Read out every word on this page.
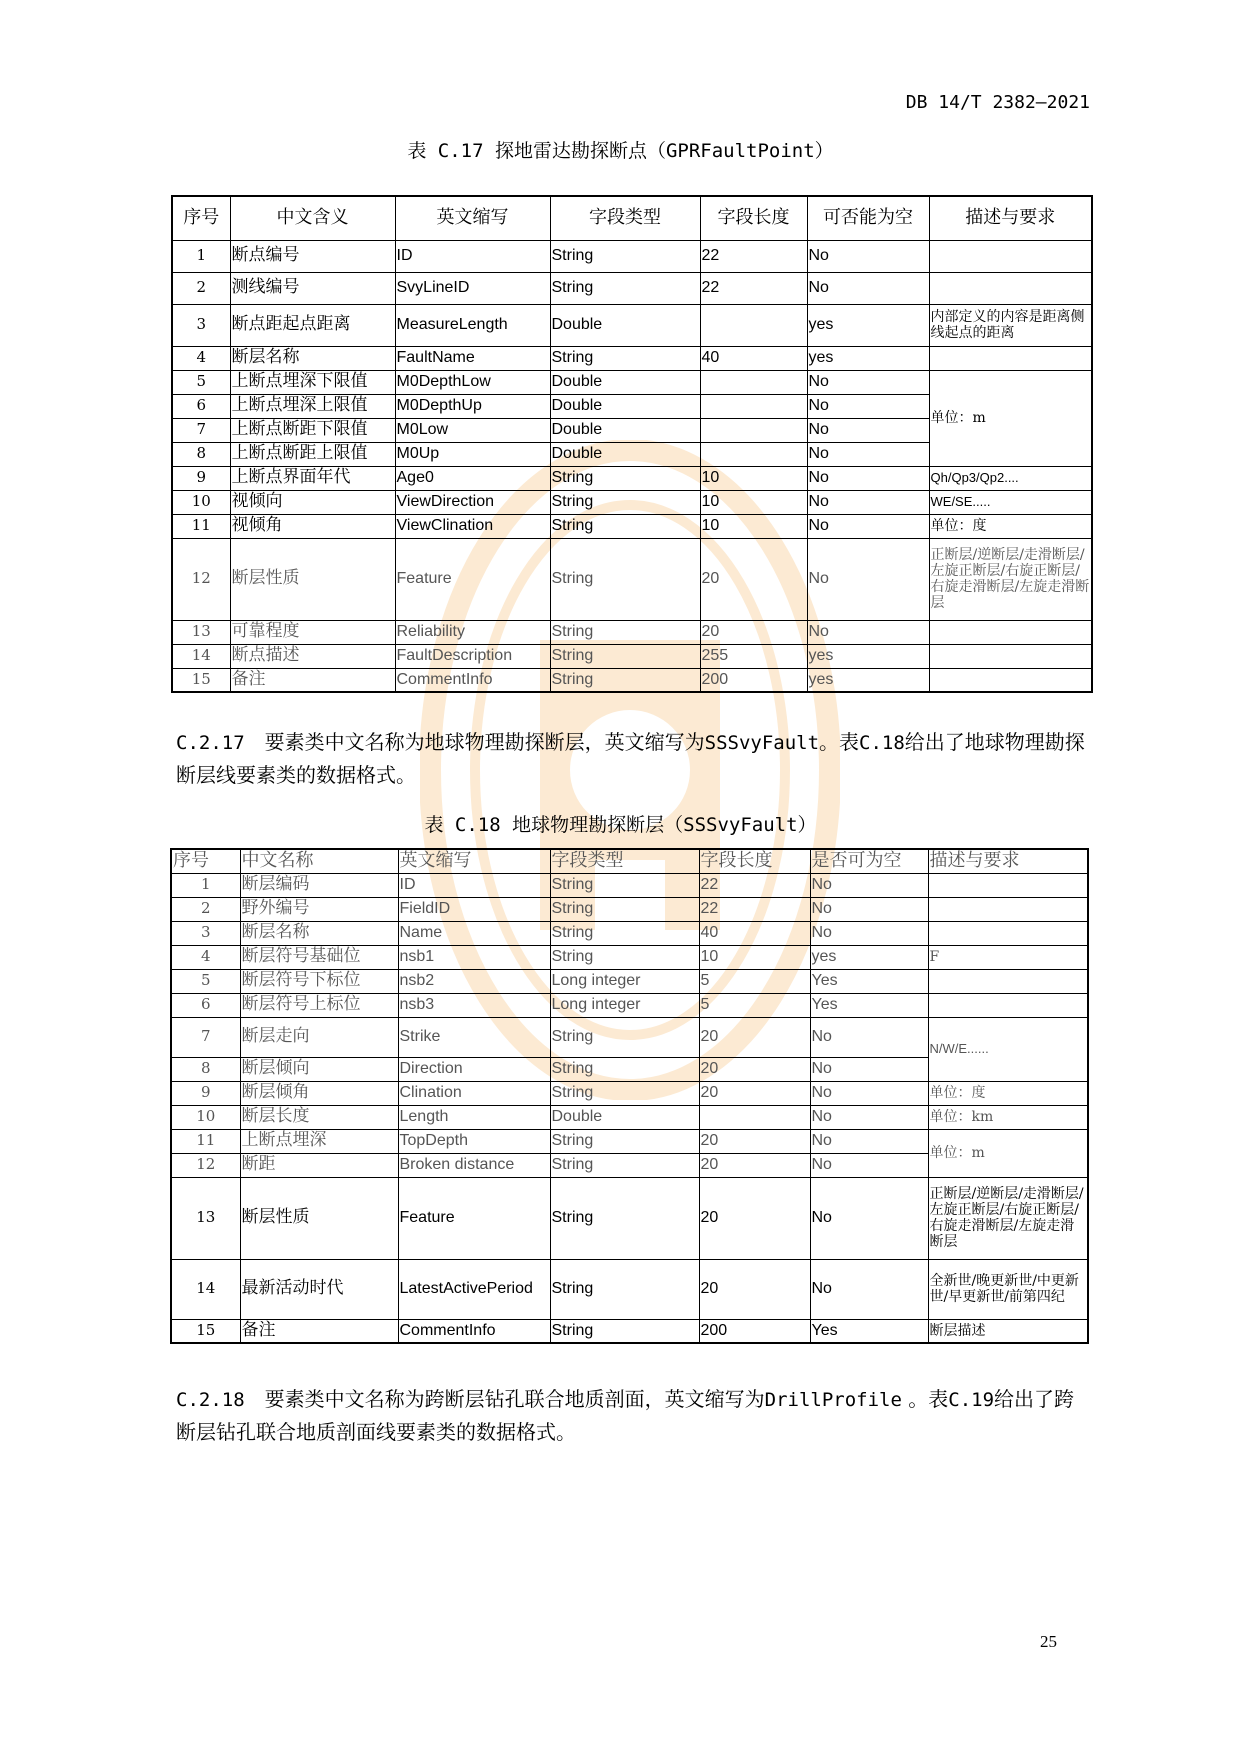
DB 14/T 2382—2021
表 C.17 探地雷达勘探断点（GPRFaultPoint）
序号	中文含义	英文缩写	字段类型	字段长度	可否能为空	描述与要求
1	断点编号	ID	String	22	No	
2	测线编号	SvyLineID	String	22	No	
3	断点距起点距离	MeasureLength	Double		yes	内部定义的内容是距离侧线起点的距离
4	断层名称	FaultName	String	40	yes	
5	上断点埋深下限值	M0DepthLow	Double		No	单位：m
6	上断点埋深上限值	M0DepthUp	Double		No	
7	上断点断距下限值	M0Low	Double		No	
8	上断点断距上限值	M0Up	Double		No	
9	上断点界面年代	Age0	String	10	No	Qh/Qp3/Qp2....
10	视倾向	ViewDirection	String	10	No	WE/SE.....
11	视倾角	ViewClination	String	10	No	单位：度
12	断层性质	Feature	String	20	No	正断层/逆断层/走滑断层/左旋正断层/右旋正断层/右旋走滑断层/左旋走滑断层
13	可靠程度	Reliability	String	20	No	
14	断点描述	FaultDescription	String	255	yes	
15	备注	CommentInfo	String	200	yes	
C.2.17　要素类中文名称为地球物理勘探断层，英文缩写为SSSvyFault。表C.18给出了地球物理勘探断层线要素类的数据格式。
表 C.18 地球物理勘探断层（SSSvyFault）
序号	中文名称	英文缩写	字段类型	字段长度	是否可为空	描述与要求
1	断层编码	ID	String	22	No	
2	野外编号	FieldID	String	22	No	
3	断层名称	Name	String	40	No	
4	断层符号基础位	nsb1	String	10	yes	F
5	断层符号下标位	nsb2	Long integer	5	Yes	
6	断层符号上标位	nsb3	Long integer	5	Yes	
7	断层走向	Strike	String	20	No	N/W/E......
8	断层倾向	Direction	String	20	No	
9	断层倾角	Clination	String	20	No	单位：度
10	断层长度	Length	Double		No	单位：km
11	上断点埋深	TopDepth	String	20	No	单位：m
12	断距	Broken distance	String	20	No	
13	断层性质	Feature	String	20	No	正断层/逆断层/走滑断层/左旋正断层/右旋正断层/右旋走滑断层/左旋走滑断层
14	最新活动时代	LatestActivePeriod	String	20	No	全新世/晚更新世/中更新世/早更新世/前第四纪
15	备注	CommentInfo	String	200	Yes	断层描述
C.2.18　要素类中文名称为跨断层钻孔联合地质剖面，英文缩写为DrillProfile 。表C.19给出了跨断层钻孔联合地质剖面线要素类的数据格式。
25
